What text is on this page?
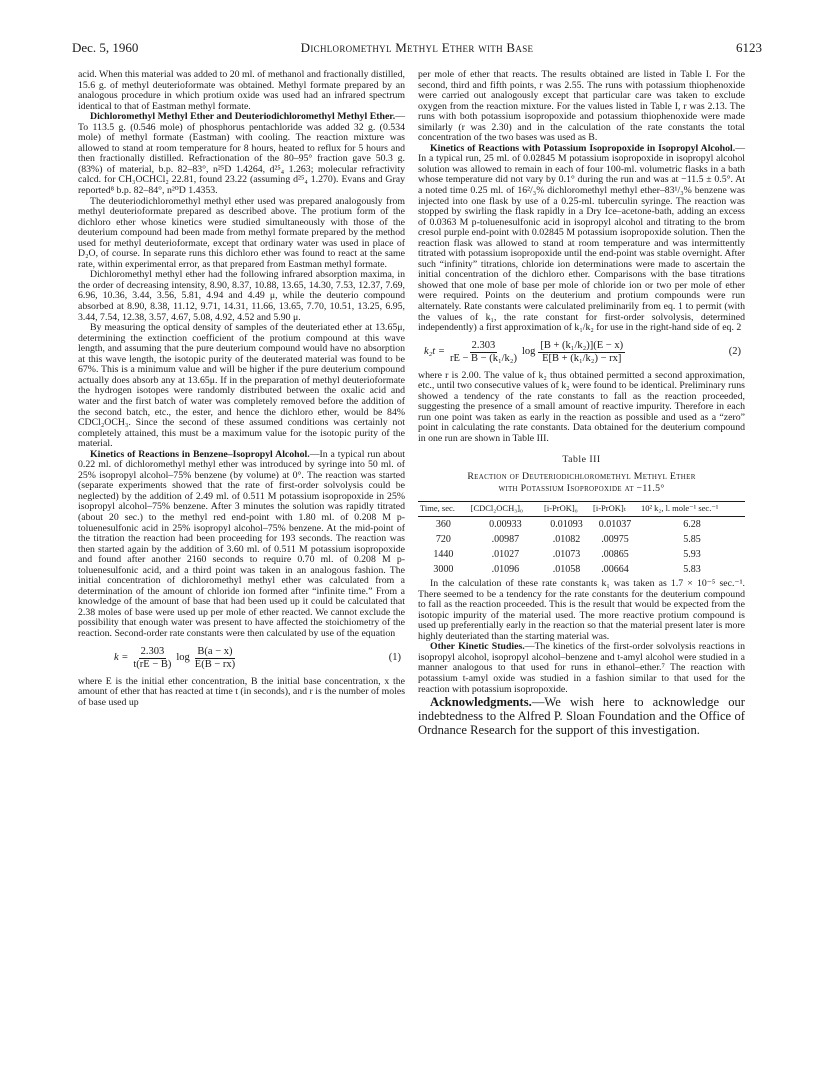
Dec. 5, 1960	Dichloromethyl Methyl Ether with Base	6123

acid. When this material was added to 20 ml. of methanol and fractionally distilled, 15.6 g. of methyl deuterioformate was obtained. Methyl formate prepared by an analogous procedure in which protium oxide was used had an infrared spectrum identical to that of Eastman methyl formate.

Dichloromethyl Methyl Ether and Deuteriodichloromethyl Methyl Ether.—To 113.5 g. (0.546 mole) of phosphorus pentachloride was added 32 g. (0.534 mole) of methyl formate (Eastman) with cooling. The reaction mixture was allowed to stand at room temperature for 8 hours, heated to reflux for 5 hours and then fractionally distilled. Refractionation of the 80–95° fraction gave 50.3 g. (83%) of material, b.p. 82–83°, n²⁵D 1.4264, d²⁵₄ 1.263; molecular refractivity calcd. for CH₃OCHCl₂ 22.81, found 23.22 (assuming d²⁵₄ 1.270). Evans and Gray reported⁸ b.p. 82–84°, n²⁰D 1.4353.

The deuteriodichloromethyl methyl ether used was prepared analogously from methyl deuterioformate prepared as described above. The protium form of the dichloro ether whose kinetics were studied simultaneously with those of the deuterium compound had been made from methyl formate prepared by the method used for methyl deuterioformate, except that ordinary water was used in place of D₂O, of course. In separate runs this dichloro ether was found to react at the same rate, within experimental error, as that prepared from Eastman methyl formate.

Dichloromethyl methyl ether had the following infrared absorption maxima, in the order of decreasing intensity, 8.90, 8.37, 10.88, 13.65, 14.30, 7.53, 12.37, 7.69, 6.96, 10.36, 3.44, 3.56, 5.81, 4.94 and 4.49 μ, while the deuterio compound absorbed at 8.90, 8.38, 11.12, 9.71, 14.31, 11.66, 13.65, 7.70, 10.51, 13.25, 6.95, 3.44, 7.54, 12.38, 3.57, 4.67, 5.08, 4.92, 4.52 and 5.90 μ.

By measuring the optical density of samples of the deuteriated ether at 13.65μ, determining the extinction coefficient of the protium compound at this wave length, and assuming that the pure deuterium compound would have no absorption at this wave length, the isotopic purity of the deuterated material was found to be 67%. This is a minimum value and will be higher if the pure deuterium compound actually does absorb any at 13.65μ. If in the preparation of methyl deuterioformate the hydrogen isotopes were randomly distributed between the oxalic acid and water and the first batch of water was completely removed before the addition of the second batch, etc., the ester, and hence the dichloro ether, would be 84% CDCl₂OCH₃. Since the second of these assumed conditions was certainly not completely attained, this must be a maximum value for the isotopic purity of the material.

Kinetics of Reactions in Benzene–Isopropyl Alcohol.—In a typical run about 0.22 ml. of dichloromethyl methyl ether was introduced by syringe into 50 ml. of 25% isopropyl alcohol–75% benzene (by volume) at 0°. The reaction was started (separate experiments showed that the rate of first-order solvolysis could be neglected) by the addition of 2.49 ml. of 0.511 M potassium isopropoxide in 25% isopropyl alcohol–75% benzene. After 3 minutes the solution was rapidly titrated (about 20 sec.) to the methyl red end-point with 1.80 ml. of 0.208 M p-toluenesulfonic acid in 25% isopropyl alcohol–75% benzene. At the mid-point of the titration the reaction had been proceeding for 193 seconds. The reaction was then started again by the addition of 3.60 ml. of 0.511 M potassium isopropoxide and found after another 2160 seconds to require 0.70 ml. of 0.208 M p-toluenesulfonic acid, and a third point was taken in an analogous fashion. The initial concentration of dichloromethyl methyl ether was calculated from a determination of the amount of chloride ion formed after “infinite time.” From a knowledge of the amount of base that had been used up it could be calculated that 2.38 moles of base were used up per mole of ether reacted. We cannot exclude the possibility that enough water was present to have affected the stoichiometry of the reaction. Second-order rate constants were then calculated by use of the equation

$k = \frac{2.303}{t(rE - B)}$ $\log \frac{B(a - x)}{E(B - rx)}$	(1)

where E is the initial ether concentration, B the initial base concentration, x the amount of ether that has reacted at time t (in seconds), and r is the number of moles of base used up

per mole of ether that reacts. The results obtained are listed in Table I. For the second, third and fifth points, r was 2.55. The runs with potassium thiophenoxide were carried out analogously except that particular care was taken to exclude oxygen from the reaction mixture. For the values listed in Table I, r was 2.13. The runs with both potassium isopropoxide and potassium thiophenoxide were made similarly (r was 2.30) and in the calculation of the rate constants the total concentration of the two bases was used as B.

Kinetics of Reactions with Potassium Isopropoxide in Isopropyl Alcohol.—In a typical run, 25 ml. of 0.02845 M potassium isopropoxide in isopropyl alcohol solution was allowed to remain in each of four 100-ml. volumetric flasks in a bath whose temperature did not vary by 0.1° during the run and was at −11.5 ± 0.5°. At a noted time 0.25 ml. of 16²/₃% dichloromethyl methyl ether–83¹/₃% benzene was injected into one flask by use of a 0.25-ml. tuberculin syringe. The reaction was stopped by swirling the flask rapidly in a Dry Ice–acetone-bath, adding an excess of 0.0363 M p-toluenesulfonic acid in isopropyl alcohol and titrating to the brom cresol purple end-point with 0.02845 M potassium isopropoxide solution. Then the reaction flask was allowed to stand at room temperature and was intermittently titrated with potassium isopropoxide until the end-point was stable overnight. After such “infinity” titrations, chloride ion determinations were made to ascertain the initial concentration of the dichloro ether. Comparisons with the base titrations showed that one mole of base per mole of chloride ion or two per mole of ether were required. Points on the deuterium and protium compounds were run alternately. Rate constants were calculated preliminarily from eq. 1 to permit (with the values of k₁, the rate constant for first-order solvolysis, determined independently) a first approximation of k₁/k₂ for use in the right-hand side of eq. 2

$k_2t = \frac{2.303}{\text{rE − B − (k₁/k₂)}}$ $\log \frac{\text{[B + (k₁/k₂)](E − x)}}{\text{E[B + (k₁/k₂) − rx]}}$	(2)

where r is 2.00. The value of k₂ thus obtained permitted a second approximation, etc., until two consecutive values of k₂ were found to be identical. Preliminary runs showed a tendency of the rate constants to fall as the reaction proceeded, suggesting the presence of a small amount of reactive impurity. Therefore in each run one point was taken as early in the reaction as possible and used as a “zero” point in calculating the rate constants. Data obtained for the deuterium compound in one run are shown in Table III.

Table III
Reaction of Deuteriodichloromethyl Methyl Ether
with Potassium Isopropoxide at −11.5°
Time, sec.	[CDCl₂OCH₃]₀	[i-PrOK]₀	[i-PrOK]ₜ	10² k₂, l. mole⁻¹ sec.⁻¹
360	0.00933	0.01093	0.01037	6.28
720	.00987	.01082	.00975	5.85
1440	.01027	.01073	.00865	5.93
3000	.01096	.01058	.00664	5.83

In the calculation of these rate constants k₁ was taken as 1.7 × 10⁻⁵ sec.⁻¹. There seemed to be a tendency for the rate constants for the deuterium compound to fall as the reaction proceeded. This is the result that would be expected from the isotopic impurity of the material used. The more reactive protium compound is used up preferentially early in the reaction so that the material present later is more highly deuteriated than the starting material was.

Other Kinetic Studies.—The kinetics of the first-order solvolysis reactions in isopropyl alcohol, isopropyl alcohol–benzene and t-amyl alcohol were studied in a manner analogous to that used for runs in ethanol–ether.⁷ The reaction with potassium t-amyl oxide was studied in a fashion similar to that used for the reaction with potassium isopropoxide.

Acknowledgments.—We wish here to acknowledge our indebtedness to the Alfred P. Sloan Foundation and the Office of Ordnance Research for the support of this investigation.
